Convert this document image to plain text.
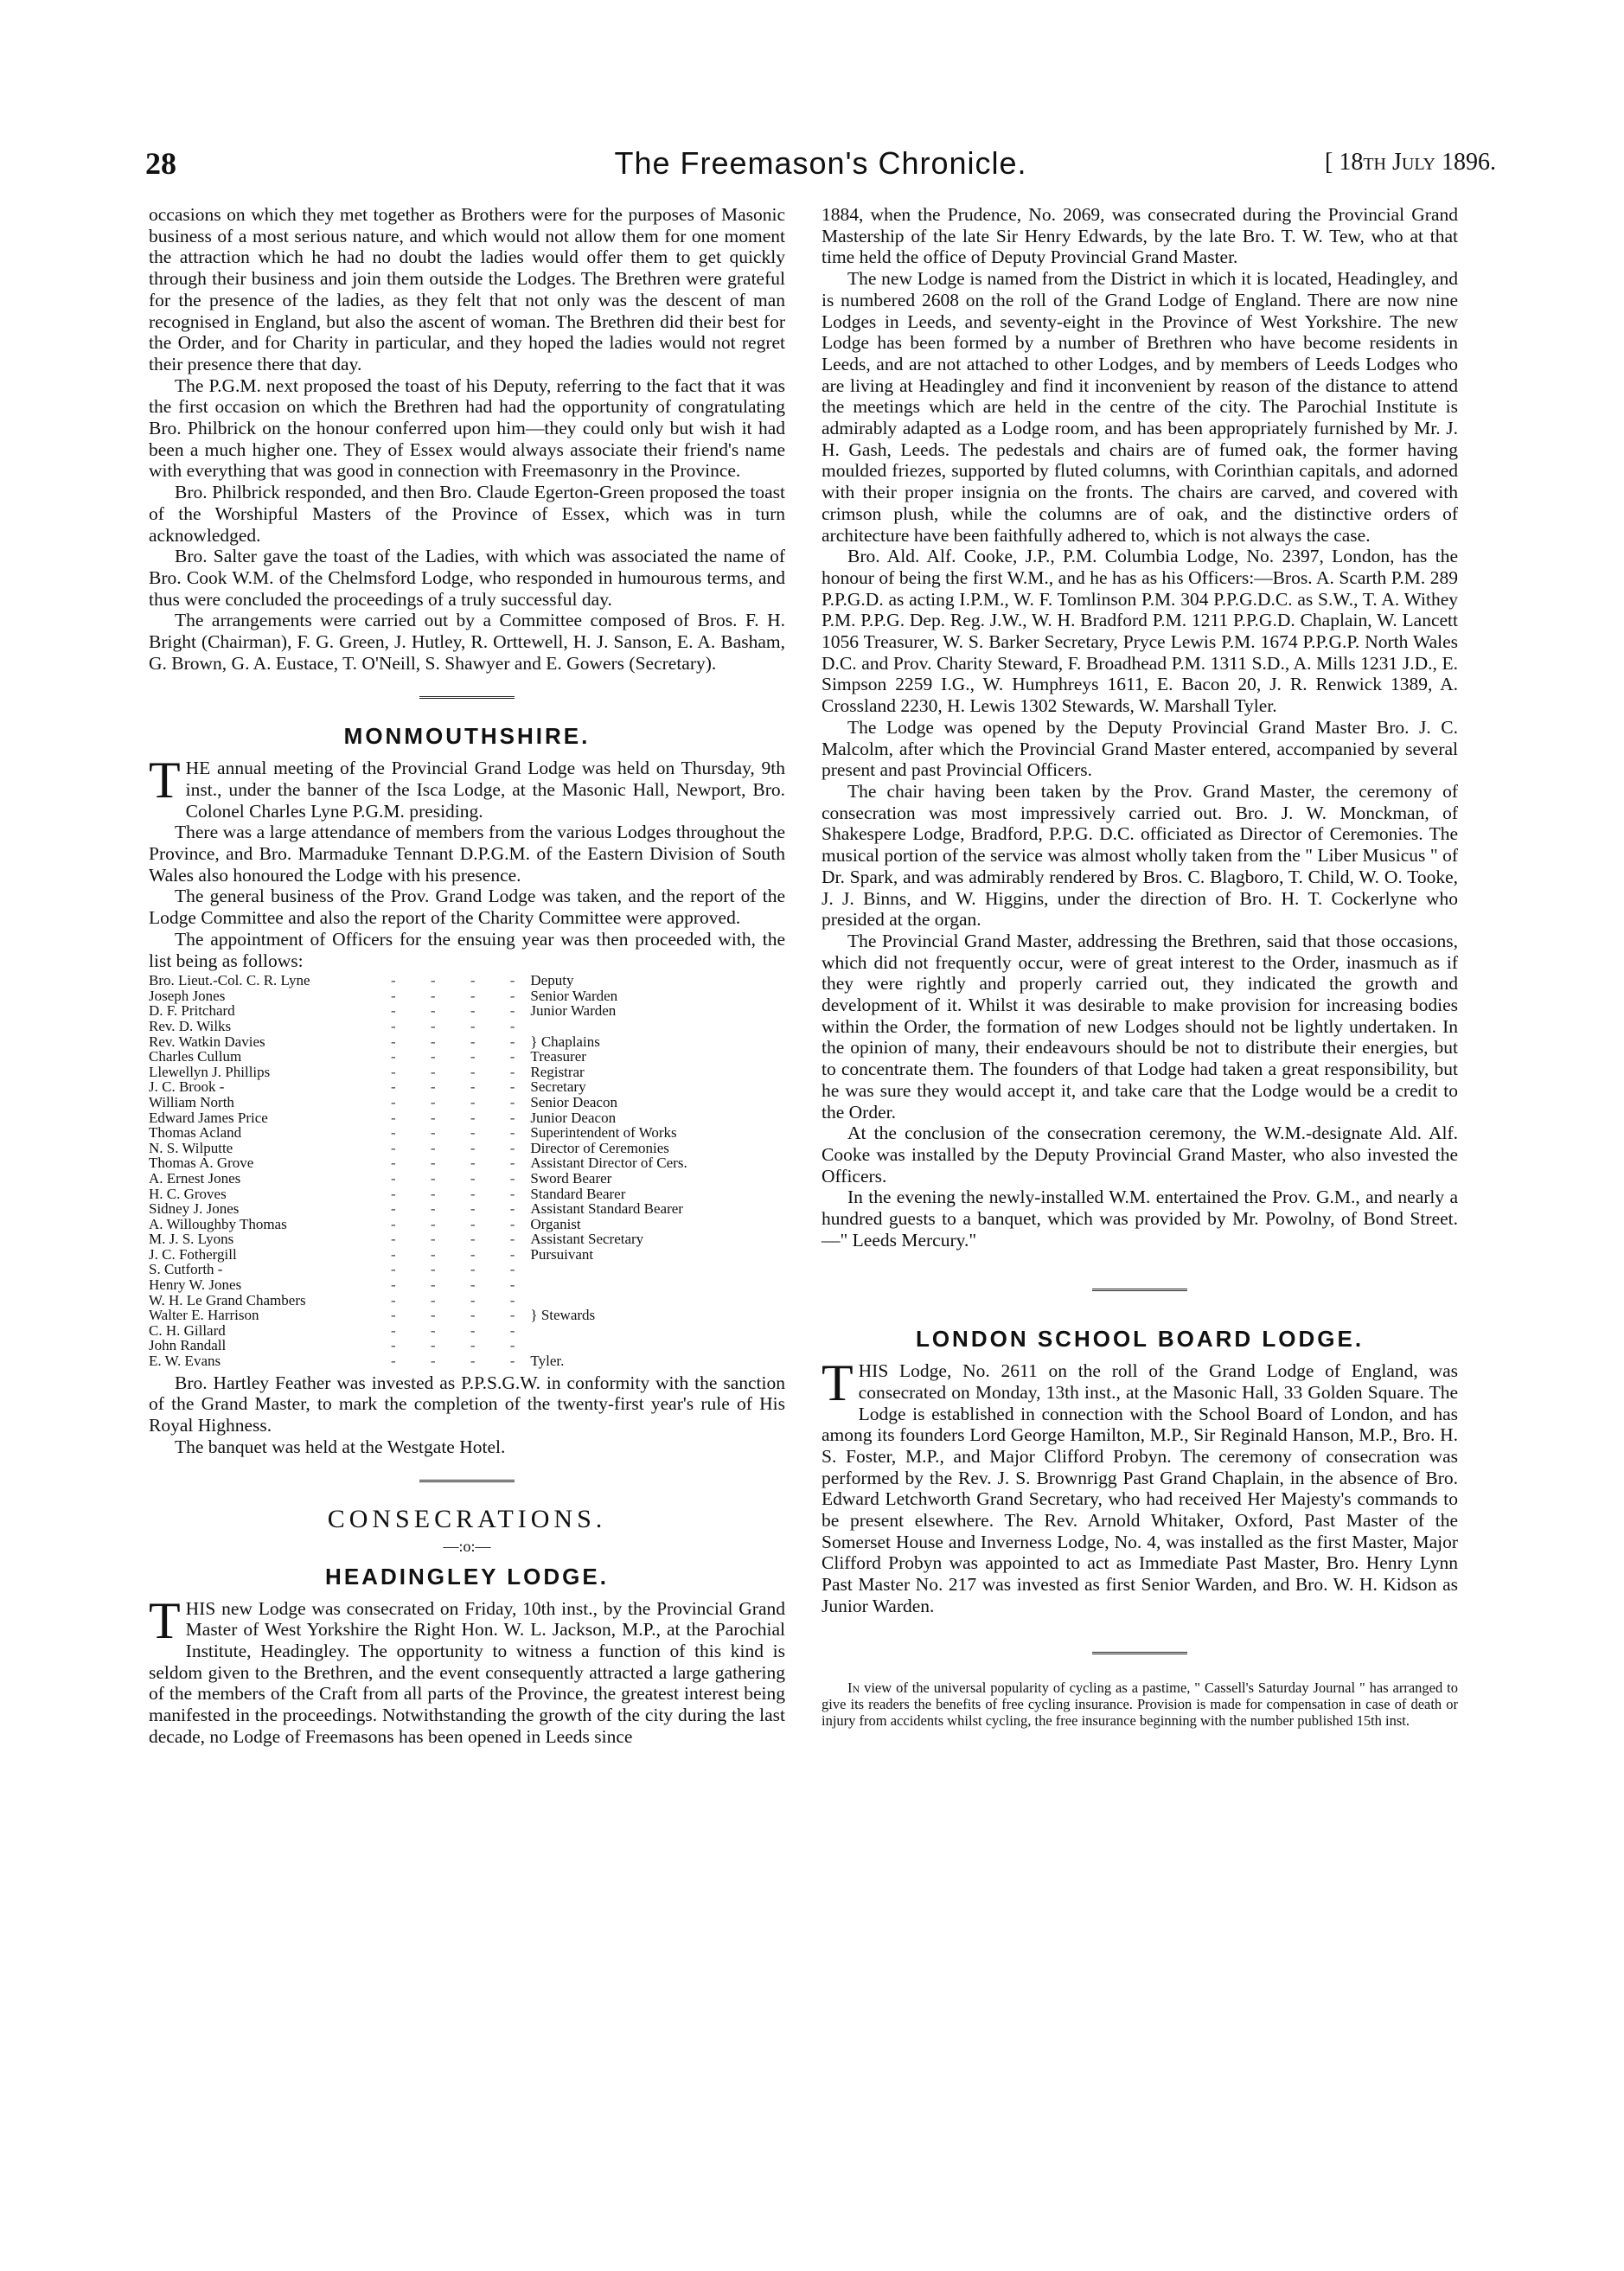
28	The Freemason's Chronicle.	[ 18th July 1896.

occasions on which they met together as Brothers were for the purposes of Masonic business of a most serious nature, and which would not allow them for one moment the attraction which he had no doubt the ladies would offer them to get quickly through their business and join them outside the Lodges. The Brethren were grateful for the presence of the ladies, as they felt that not only was the descent of man recognised in England, but also the ascent of woman. The Brethren did their best for the Order, and for Charity in particular, and they hoped the ladies would not regret their presence there that day.

The P.G.M. next proposed the toast of his Deputy, referring to the fact that it was the first occasion on which the Brethren had had the opportunity of congratulating Bro. Philbrick on the honour conferred upon him—they could only but wish it had been a much higher one. They of Essex would always associate their friend's name with everything that was good in connection with Freemasonry in the Province.

Bro. Philbrick responded, and then Bro. Claude Egerton-Green proposed the toast of the Worshipful Masters of the Province of Essex, which was in turn acknowledged.

Bro. Salter gave the toast of the Ladies, with which was associated the name of Bro. Cook W.M. of the Chelmsford Lodge, who responded in humourous terms, and thus were concluded the proceedings of a truly successful day.

The arrangements were carried out by a Committee composed of Bros. F. H. Bright (Chairman), F. G. Green, J. Hutley, R. Orttewell, H. J. Sanson, E. A. Basham, G. Brown, G. A. Eustace, T. O'Neill, S. Shawyer and E. Gowers (Secretary).

MONMOUTHSHIRE.

THE annual meeting of the Provincial Grand Lodge was held on Thursday, 9th inst., under the banner of the Isca Lodge, at the Masonic Hall, Newport, Bro. Colonel Charles Lyne P.G.M. presiding.

There was a large attendance of members from the various Lodges throughout the Province, and Bro. Marmaduke Tennant D.P.G.M. of the Eastern Division of South Wales also honoured the Lodge with his presence.

The general business of the Prov. Grand Lodge was taken, and the report of the Lodge Committee and also the report of the Charity Committee were approved.

The appointment of Officers for the ensuing year was then proceeded with, the list being as follows:

Bro. Lieut.-Col. C. R. Lyne	- - - -	Deputy
Joseph Jones	- - - -	Senior Warden
D. F. Pritchard	- - - -	Junior Warden
Rev. D. Wilks	- - - -	
Rev. Watkin Davies	- - - -	} Chaplains
Charles Cullum	- - - -	Treasurer
Llewellyn J. Phillips	- - - -	Registrar
J. C. Brook -	- - - -	Secretary
William North	- - - -	Senior Deacon
Edward James Price	- - - -	Junior Deacon
Thomas Acland	- - - -	Superintendent of Works
N. S. Wilputte	- - - -	Director of Ceremonies
Thomas A. Grove	- - - -	Assistant Director of Cers.
A. Ernest Jones	- - - -	Sword Bearer
H. C. Groves	- - - -	Standard Bearer
Sidney J. Jones	- - - -	Assistant Standard Bearer
A. Willoughby Thomas	- - - -	Organist
M. J. S. Lyons	- - - -	Assistant Secretary
J. C. Fothergill	- - - -	Pursuivant
S. Cutforth -	- - - -	
Henry W. Jones	- - - -	
W. H. Le Grand Chambers	- - - -	
Walter E. Harrison	- - - -	} Stewards
C. H. Gillard	- - - -	
John Randall	- - - -	
E. W. Evans	- - - -	Tyler.

Bro. Hartley Feather was invested as P.P.S.G.W. in conformity with the sanction of the Grand Master, to mark the completion of the twenty-first year's rule of His Royal Highness.

The banquet was held at the Westgate Hotel.

CONSECRATIONS.
—:o:—
HEADINGLEY LODGE.

THIS new Lodge was consecrated on Friday, 10th inst., by the Provincial Grand Master of West Yorkshire the Right Hon. W. L. Jackson, M.P., at the Parochial Institute, Headingley. The opportunity to witness a function of this kind is seldom given to the Brethren, and the event consequently attracted a large gathering of the members of the Craft from all parts of the Province, the greatest interest being manifested in the proceedings. Notwithstanding the growth of the city during the last decade, no Lodge of Freemasons has been opened in Leeds since

1884, when the Prudence, No. 2069, was consecrated during the Provincial Grand Mastership of the late Sir Henry Edwards, by the late Bro. T. W. Tew, who at that time held the office of Deputy Provincial Grand Master.

The new Lodge is named from the District in which it is located, Headingley, and is numbered 2608 on the roll of the Grand Lodge of England. There are now nine Lodges in Leeds, and seventy-eight in the Province of West Yorkshire. The new Lodge has been formed by a number of Brethren who have become residents in Leeds, and are not attached to other Lodges, and by members of Leeds Lodges who are living at Headingley and find it inconvenient by reason of the distance to attend the meetings which are held in the centre of the city. The Parochial Institute is admirably adapted as a Lodge room, and has been appropriately furnished by Mr. J. H. Gash, Leeds. The pedestals and chairs are of fumed oak, the former having moulded friezes, supported by fluted columns, with Corinthian capitals, and adorned with their proper insignia on the fronts. The chairs are carved, and covered with crimson plush, while the columns are of oak, and the distinctive orders of architecture have been faithfully adhered to, which is not always the case.

Bro. Ald. Alf. Cooke, J.P., P.M. Columbia Lodge, No. 2397, London, has the honour of being the first W.M., and he has as his Officers:—Bros. A. Scarth P.M. 289 P.P.G.D. as acting I.P.M., W. F. Tomlinson P.M. 304 P.P.G.D.C. as S.W., T. A. Withey P.M. P.P.G. Dep. Reg. J.W., W. H. Bradford P.M. 1211 P.P.G.D. Chaplain, W. Lancett 1056 Treasurer, W. S. Barker Secretary, Pryce Lewis P.M. 1674 P.P.G.P. North Wales D.C. and Prov. Charity Steward, F. Broadhead P.M. 1311 S.D., A. Mills 1231 J.D., E. Simpson 2259 I.G., W. Humphreys 1611, E. Bacon 20, J. R. Renwick 1389, A. Crossland 2230, H. Lewis 1302 Stewards, W. Marshall Tyler.

The Lodge was opened by the Deputy Provincial Grand Master Bro. J. C. Malcolm, after which the Provincial Grand Master entered, accompanied by several present and past Provincial Officers.

The chair having been taken by the Prov. Grand Master, the ceremony of consecration was most impressively carried out. Bro. J. W. Monckman, of Shakespere Lodge, Bradford, P.P.G. D.C. officiated as Director of Ceremonies. The musical portion of the service was almost wholly taken from the " Liber Musicus " of Dr. Spark, and was admirably rendered by Bros. C. Blagboro, T. Child, W. O. Tooke, J. J. Binns, and W. Higgins, under the direction of Bro. H. T. Cockerlyne who presided at the organ.

The Provincial Grand Master, addressing the Brethren, said that those occasions, which did not frequently occur, were of great interest to the Order, inasmuch as if they were rightly and properly carried out, they indicated the growth and development of it. Whilst it was desirable to make provision for increasing bodies within the Order, the formation of new Lodges should not be lightly undertaken. In the opinion of many, their endeavours should be not to distribute their energies, but to concentrate them. The founders of that Lodge had taken a great responsibility, but he was sure they would accept it, and take care that the Lodge would be a credit to the Order.

At the conclusion of the consecration ceremony, the W.M.-designate Ald. Alf. Cooke was installed by the Deputy Provincial Grand Master, who also invested the Officers.

In the evening the newly-installed W.M. entertained the Prov. G.M., and nearly a hundred guests to a banquet, which was provided by Mr. Powolny, of Bond Street.—" Leeds Mercury."

LONDON SCHOOL BOARD LODGE.

THIS Lodge, No. 2611 on the roll of the Grand Lodge of England, was consecrated on Monday, 13th inst., at the Masonic Hall, 33 Golden Square. The Lodge is established in connection with the School Board of London, and has among its founders Lord George Hamilton, M.P., Sir Reginald Hanson, M.P., Bro. H. S. Foster, M.P., and Major Clifford Probyn. The ceremony of consecration was performed by the Rev. J. S. Brownrigg Past Grand Chaplain, in the absence of Bro. Edward Letchworth Grand Secretary, who had received Her Majesty's commands to be present elsewhere. The Rev. Arnold Whitaker, Oxford, Past Master of the Somerset House and Inverness Lodge, No. 4, was installed as the first Master, Major Clifford Probyn was appointed to act as Immediate Past Master, Bro. Henry Lynn Past Master No. 217 was invested as first Senior Warden, and Bro. W. H. Kidson as Junior Warden.

In view of the universal popularity of cycling as a pastime, " Cassell's Saturday Journal " has arranged to give its readers the benefits of free cycling insurance. Provision is made for compensation in case of death or injury from accidents whilst cycling, the free insurance beginning with the number published 15th inst.
